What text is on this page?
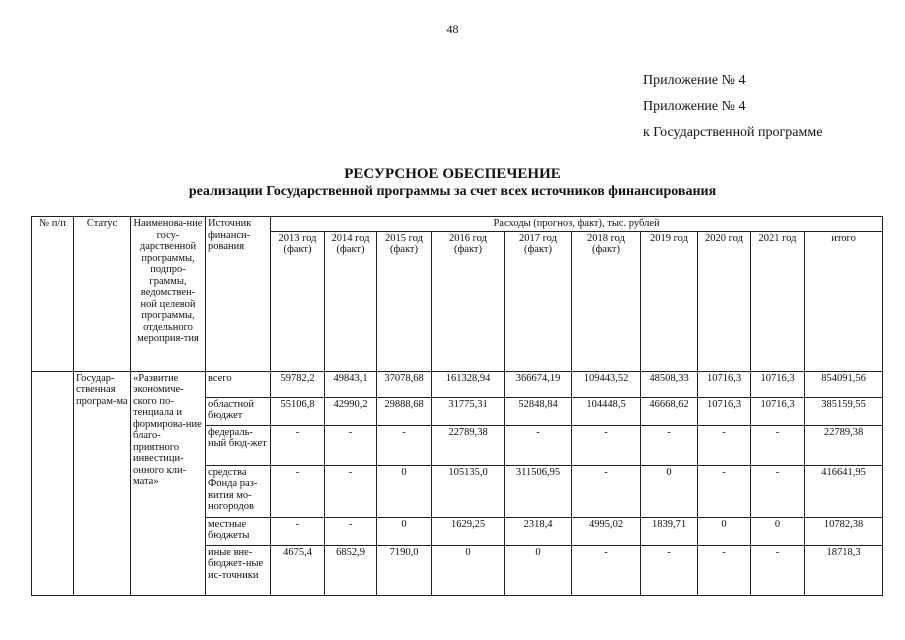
48
Приложение № 4
Приложение № 4
к Государственной программе
РЕСУРСНОЕ ОБЕСПЕЧЕНИЕ
реализации Государственной программы за счет всех источников финансирования
№ п/п	Статус	Наименова-ние госу-дарственной программы, подпро-граммы, ведомствен-ной целевой программы, отдельного мероприя-тия	Источник финанси-рования	Расходы (прогноз, факт), тыс. рублей									
				2013 год (факт)	2014 год (факт)	2015 год (факт)	2016 год (факт)	2017 год (факт)	2018 год (факт)	2019 год	2020 год	2021 год	итого
	Государ-ственная програм-ма	«Развитие экономиче-ского по-тенциала и формирова-ние благо-приятного инвестици-онного кли-мата»	всего	59782,2	49843,1	37078,68	161328,94	366674,19	109443,52	48508,33	10716,3	10716,3	854091,56
			областной бюджет	55106,8	42990,2	29888,68	31775,31	52848,84	104448,5	46668,62	10716,3	10716,3	385159,55
			федераль-ный бюд-жет	-	-	-	22789,38	-	-	-	-	-	22789,38
			средства Фонда раз-вития мо-ногородов	-	-	0	105135,0	311506,95	-	0	-	-	416641,95
			местные бюджеты	-	-	0	1629,25	2318,4	4995,02	1839,71	0	0	10782,38
			иные вне-бюджет-ные ис-точники	4675,4	6852,9	7190,0	0	0	-	-	-	-	18718,3
